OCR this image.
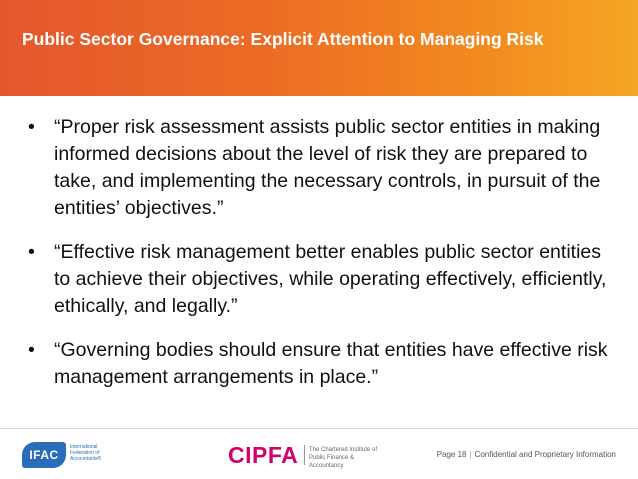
Public Sector Governance: Explicit Attention to Managing Risk
• “Proper risk assessment assists public sector entities in making informed decisions about the level of risk they are prepared to take, and implementing the necessary controls, in pursuit of the entities’ objectives.”
• “Effective risk management better enables public sector entities to achieve their objectives, while operating effectively, efficiently, ethically, and legally.”
• “Governing bodies should ensure that entities have effective risk management arrangements in place.”
IFAC
International Federation of Accountants®	CIPFA The Chartered Institute of Public Finance & Accountancy
Page 18 | Confidential and Proprietary Information
